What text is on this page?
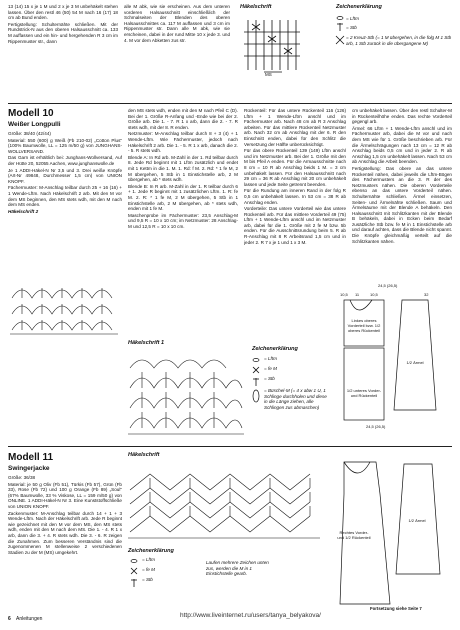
13 (14) 15 x je 1 M und 2 x je 3 M unbehäkelt stehen lassen. Über den restl 46 (50) 54 M nach 16 (17) 18 cm ab Bund enden.

Fertigstellung: Schulternähte schließen. Mit der Rundstrick-N aus den oberen Halsausschnitt ca. 133 M auffassen und ein hin- und hergehenden R 3 cm im Rippenmuster str., dann

alle M abk, wie sie erscheinen. Aus dem unteren vorderen Halsausschnitt einschließlich der Schmalseiten der Blenden des oberen Halsausschnittes ca. 117 M auffassen und 3 cm im Rippenmuster str. Dann alle M abk, wie sie erscheinen, dabei in der rund Mitte 10 x jede 3. und 4. M vor dem Abketten zus str.

Häkelschrift
MS
Zeichenerklärung
= Lftm
= Stb
= 2 Kreuz-Stb (= 1 M übergehen, in die folg M 1 Stb arb, 1 Stb zurück in die übergangene M)
Modell 10
Weißer Longpulli

Größe: 38/40 (42/44)

Material: 550 (600) g Weiß (Fb 210-02) „Cotton Plus" (100% Baumwolle, LL = 125 m/50 g) von JUNGHANS-WOLLVERSAND.

Das Garn ist erhältlich bei: Junghans-Wollversand, Auf der Hütte 20, 52055 Aachen, www.junghanswolle.de

Je 1 ADDI-Häkel-N Nr 3,5 und 3. Drei weiße Knöpfe (Art-Nr 49848, Durchmesser 1,5 cm) von UNION KNOPF.

Fächermuster: M-Anschlag teilbar durch 25 + 16 (16) + 1 Wende-Lftm. Nach Häkelschrift 2 arb. Mit den M vor dem MS beginnen, den MS stets wdh, mit den M nach dem MS enden.

Häkelschrift 2

den MS stets wdh, enden mit den M nach Pfeil C (D). Bei der 1. Größe R-Anfang und -Ende wie bei der 2. Größe arb. Die 1. - 7. R 1 x arb, dann die 2. - 7. R stets wdh, mit der 8. R enden.

Netzmuster: M-Anschlag teilbar durch 8 + 3 (4) + 1 Wende-Lftm. Wie Fächermuster, jedoch nach Häkelschrift 2 arb. Die 1. - 5. R 1 x arb, danach die 2. - 5. R stets wdh.

Blende A: In Rd arb. M-Zahl in der 1. Rd teilbar durch 8. Jede Rd beginnt mit 1 Lftm zusätzlich und endet mit 1 Kettm in die 1. M. 1. Rd: f M. 2. Rd: * 1 fe M, 2 M übergehen, 5 Stb in 1 Einstichstelle arb, 2 M übergehen, ab * stets wdh.

Blende B: In R arb. M-Zahl in der 1. R teilbar durch 6 + 1. Jede R beginnt mit 1 zusätzlichen Lftm. 1. R: fe M. 2. R: * 1 fe M, 2 M übergehen, 5 Stb in 1 Einstichstelle arb, 2 M übergehen, ab * stets wdh, enden mit 1 fe M.

Maschenprobe im Fächermuster: 23,5 Anschlag-M und 9,5 R = 10 x 10 cm; im Netzmuster: 28 Anschlag-M und 12,5 R = 10 x 10 cm.

Rückenteil: Für das untere Rückenteil 116 (126) Lftm + 1 Wende-Lftm anschl und im Fächermuster arb. Nach 48 cm ab R 3 Anschlag arbeiten. Für das mittlere Rückenteil Netzmuster arb. Nach 32 cm ab Anschlag mit der 6. R den Einschnitt enden, dabei für den Schlitz die Versetzung der Hälfte unberücksichtigt.

Für das obere Rückenteil 139 (149) Lftm anschl und im Netzmuster arb. Bei der 1. Größe mit den M bis Pfeil A enden. Für die Armausschnitte nach 8 cm = 10 R ab Anschlag beids 1 M. = 3 cm unbehäkelt lassen. Für den Halsausschnitt nach 29 cm = 36 R ab Anschlag mit 20 cm unbehäkelt lassen und jede Seite getrennt beenden.

Für die Rundung am inneren Rand in der folg R 0,5 cm unbehäkelt lassen. In 53 cm = 38 R ab Anschlag enden.

Vorderteile: Das untere Vorderteil wie das untere Rückenteil arb. Für das mittlere Vorderteil 49 (75) Lftm + 1 Wende-Lftm anschl und im Netzmuster arb, dabei für die 1. Größe mit 2 fe M bzw. 5b enden. Für die Ausschnittsrundung beim 5. R ab R-Anschlag mit 8 R Arbeitsrand 1,5 cm und in jeder 2. R 7 x je 1 und 1 x 3 M.

cm unbehäkelt lassen. Über den restl Schulter-M in Rückenteilhöhe enden. Das rechte Vorderteil gegengl arb.

Ärmel: 66 Lftm + 1 Wende-Lftm anschl und im Fächermuster arb, dabei die M vor und nach dem MS wie für 1. Größe beschrieben arb. Für die Ärmelschrägungen nach 13 cm = 12 R ab Anschlag beids 0,5 cm und in jeder 2. R ab Anschlag 1,5 cm unbehäkelt lassen. Nach 53 cm ab Anschlag die Arbeit beenden.

Fertigstellung: Das obere an das untere Rückenteil nähen, dabei jeweils die Lftm-Bögen des Fächermusters an die 3. R der des Netzmusters nähen. Die oberen Vorderteile ebenso an das untere Vorderteil nähen. Schulternähte schließen. Ärmel einsetzen, Seiten- und Ärmelnähte schließen. Saum und Ärmelsäume mit der Blende A behäkeln. Den Halsausschnitt mit Schlitzkanten mit der Blende B behäkeln, dabei in Ecken beim Bedarf zusätzliche Stb bzw. fe M in 1 Einstichstelle arb und darauf achten, dass die Blende nicht spannt. Die Knöpfe gleichmäßig verteilt auf die Schlitzkanten nähen.

Häkelschrift 1
Zeichenerklärung
= Lftm
= fe M
= Stb
= Büschel-M (= 4 x abw 1 U, 1 Schlinge durchholen und diese in die Länge ziehen, alle Schlingen zus abmaschen)
10,5 11	10,5
24,5 (26,5)
32
Linkes oberes Vorderteil bzw. 1/2 oberes Rückenteil
1/2 unteres Vorder- und Rückenteil
1/2 Ärmel
24,5 (26,5)
Modell 11
Swingerjacke

Größe: 36/38

Material: je 50 g Oliv (Fb 51), Türkis (Fb 57), Grün (Fb 33), Rose (Fb 72) und 100 g Orange (Fb 89) „Soul" (67% Baumwolle, 33 % Viskose, LL = 159 m/50 g) von ONLINE. 1 ADDI-Häkel-N Nr 3. Eine Kunststoffschließe von UNION KNOPF.

Zackenmuster: M-Anschlag teilbar durch 14 + 1 + 3 Wende-Lftm. Nach der Häkelschrift arb. Jede R beginnt wie gezeichnet mit den M vor dem MS, den MS stets wdh, enden mit den M nach dem MS. Die 1. - 4. R 1 x arb, dann die 3. + 4. R stets wdh. Die 3. - 6. R zeigen die Zunahmen. Zum besseren Verständnis sind die zugenommenen M stellenweise 2 verschiedenen Stadien zu der M (MS) umgekehrt.

Häkelschrift
Zeichenerklärung
= Lftm
= fe M
= Stb
Laufen mehrere Zeichen unten zus, werden die M in 1 Einstichstelle gearb.
Rechtes Vorder- und 1/2 Rückenteil
1/2 Ärmel
Fortsetzung siehe Seite 7
6 Anleitungen	http://www.liveinternet.ru/users/tanya_belyakova/
